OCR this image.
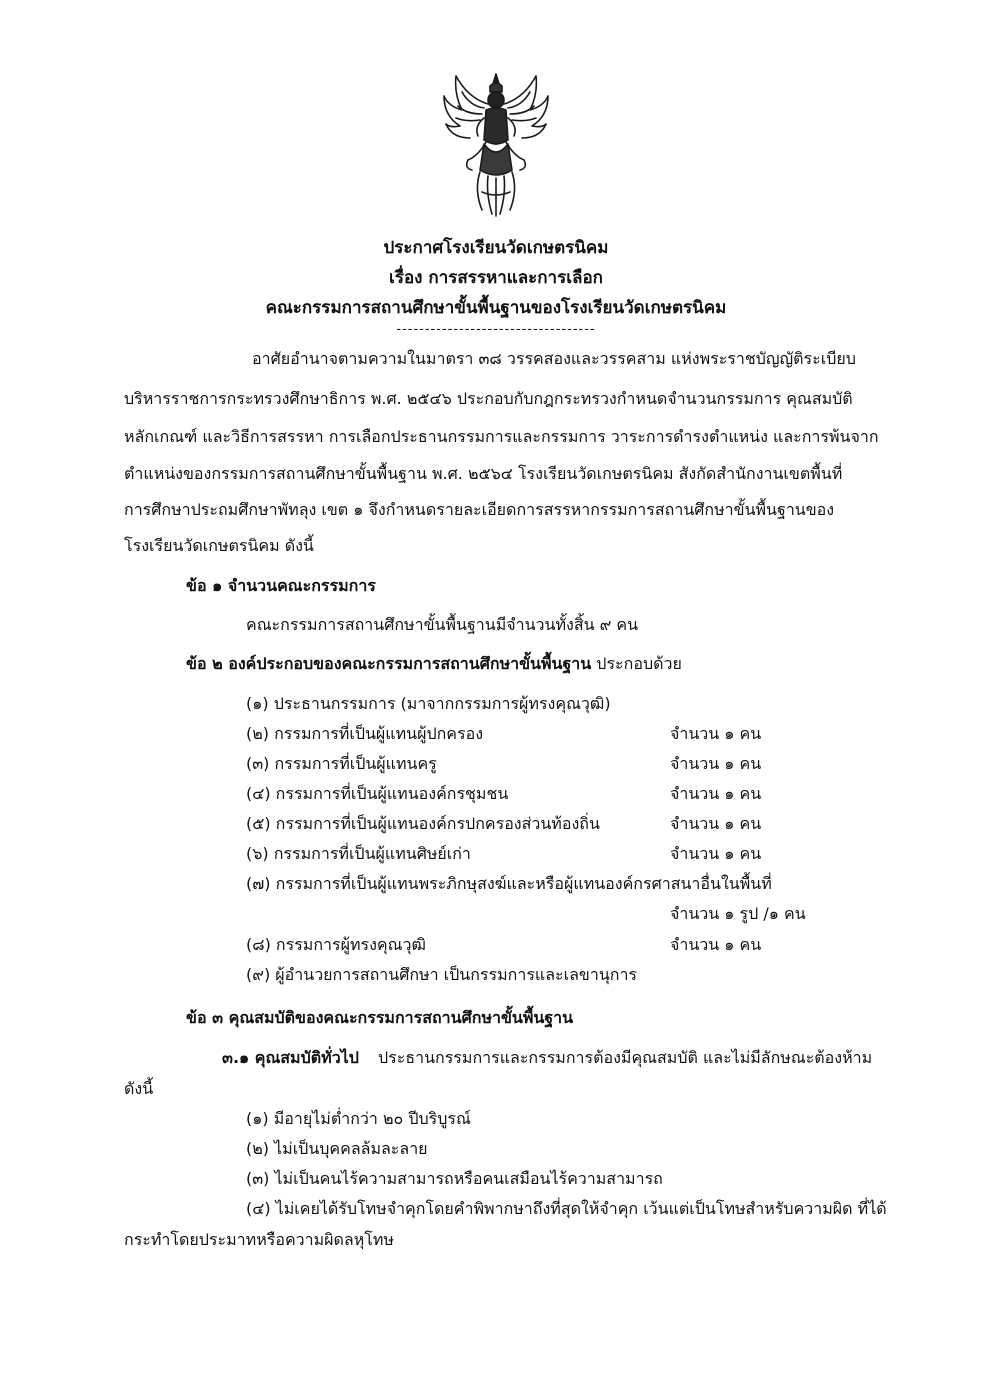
ประกาศโรงเรียนวัดเกษตรนิคม
เรื่อง การสรรหาและการเลือก
คณะกรรมการสถานศึกษาขั้นพื้นฐานของโรงเรียนวัดเกษตรนิคม
-----------------------------------
อาศัยอำนาจตามความในมาตรา ๓๘ วรรคสองและวรรคสาม แห่งพระราชบัญญัติระเบียบ
บริหารราชการกระทรวงศึกษาธิการ พ.ศ. ๒๕๔๖ ประกอบกับกฎกระทรวงกำหนดจำนวนกรรมการ คุณสมบัติ
หลักเกณฑ์ และวิธีการสรรหา การเลือกประธานกรรมการและกรรมการ วาระการดำรงตำแหน่ง และการพ้นจาก
ตำแหน่งของกรรมการสถานศึกษาขั้นพื้นฐาน พ.ศ. ๒๕๖๔ โรงเรียนวัดเกษตรนิคม สังกัดสำนักงานเขตพื้นที่
การศึกษาประถมศึกษาพัทลุง เขต ๑ จึงกำหนดรายละเอียดการสรรหากรรมการสถานศึกษาขั้นพื้นฐานของ
โรงเรียนวัดเกษตรนิคม ดังนี้
ข้อ ๑ จำนวนคณะกรรมการ
คณะกรรมการสถานศึกษาขั้นพื้นฐานมีจำนวนทั้งสิ้น ๙ คน
ข้อ ๒ องค์ประกอบของคณะกรรมการสถานศึกษาขั้นพื้นฐาน ประกอบด้วย
(๑) ประธานกรรมการ (มาจากกรรมการผู้ทรงคุณวุฒิ)
(๒) กรรมการที่เป็นผู้แทนผู้ปกครอง	จำนวน ๑ คน
(๓) กรรมการที่เป็นผู้แทนครู	จำนวน ๑ คน
(๔) กรรมการที่เป็นผู้แทนองค์กรชุมชน	จำนวน ๑ คน
(๕) กรรมการที่เป็นผู้แทนองค์กรปกครองส่วนท้องถิ่น	จำนวน ๑ คน
(๖) กรรมการที่เป็นผู้แทนศิษย์เก่า	จำนวน ๑ คน
(๗) กรรมการที่เป็นผู้แทนพระภิกษุสงฆ์และหรือผู้แทนองค์กรศาสนาอื่นในพื้นที่
จำนวน ๑ รูป /๑ คน
(๘) กรรมการผู้ทรงคุณวุฒิ	จำนวน ๑ คน
(๙) ผู้อำนวยการสถานศึกษา เป็นกรรมการและเลขานุการ
ข้อ ๓ คุณสมบัติของคณะกรรมการสถานศึกษาขั้นพื้นฐาน
๓.๑ คุณสมบัติทั่วไป ประธานกรรมการและกรรมการต้องมีคุณสมบัติ และไม่มีลักษณะต้องห้าม
ดังนี้
(๑) มีอายุไม่ต่ำกว่า ๒๐ ปีบริบูรณ์
(๒) ไม่เป็นบุคคลล้มละลาย
(๓) ไม่เป็นคนไร้ความสามารถหรือคนเสมือนไร้ความสามารถ
(๔) ไม่เคยได้รับโทษจำคุกโดยคำพิพากษาถึงที่สุดให้จำคุก เว้นแต่เป็นโทษสำหรับความผิด ที่ได้
กระทำโดยประมาทหรือความผิดลหุโทษ
